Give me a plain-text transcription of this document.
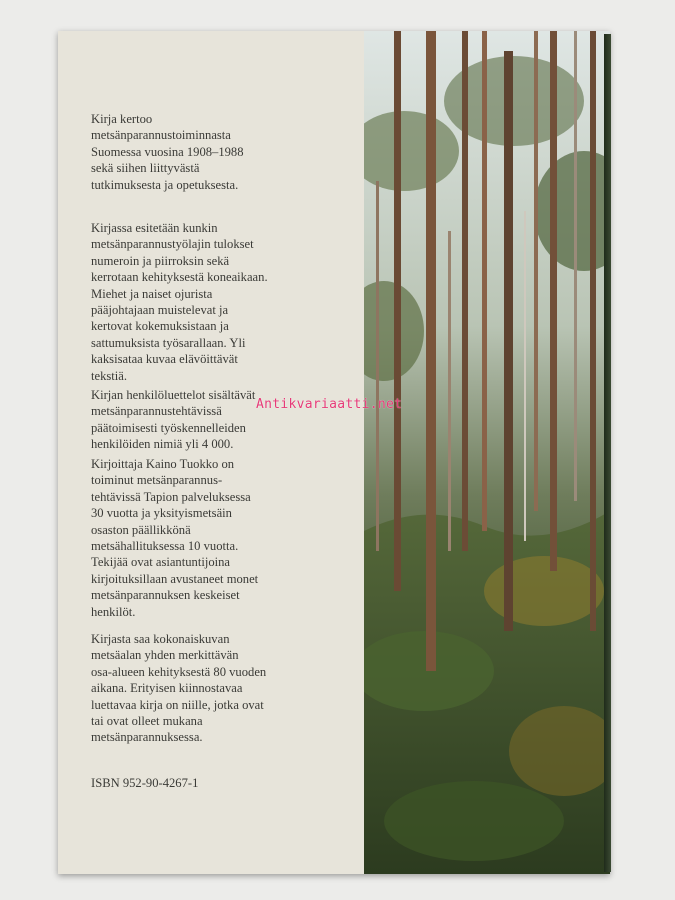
Kirja kertoo
metsänparannustoiminnasta
Suomessa vuosina 1908–1988
sekä siihen liittyvästä
tutkimuksesta ja opetuksesta.

Kirjassa esitetään kunkin
metsänparannustyölajin tulokset
numeroin ja piirroksin sekä
kerrotaan kehityksestä koneaikaan.
Miehet ja naiset ojurista
pääjohtajaan muistelevat ja
kertovat kokemuksistaan ja
sattumuksista työsarallaan. Yli
kaksisataa kuvaa elävöittävät
tekstiä.

Kirjan henkilöluettelot sisältävät
metsänparannustehtävissä
päätoimisesti työskennelleiden
henkilöiden nimiä yli 4 000.

Kirjoittaja Kaino Tuokko on
toiminut metsänparannus-
tehtävissä Tapion palveluksessa
30 vuotta ja yksityismetsäin
osaston päällikkönä
metsähallituksessa 10 vuotta.
Tekijää ovat asiantuntijoina
kirjoituksillaan avustaneet monet
metsänparannuksen keskeiset
henkilöt.

Kirjasta saa kokonaiskuvan
metsäalan yhden merkittävän
osa-alueen kehityksestä 80 vuoden
aikana. Erityisen kiinnostavaa
luettavaa kirja on niille, jotka ovat
tai ovat olleet mukana
metsänparannuksessa.

ISBN 952-90-4267-1
Antikvariaatti.net
